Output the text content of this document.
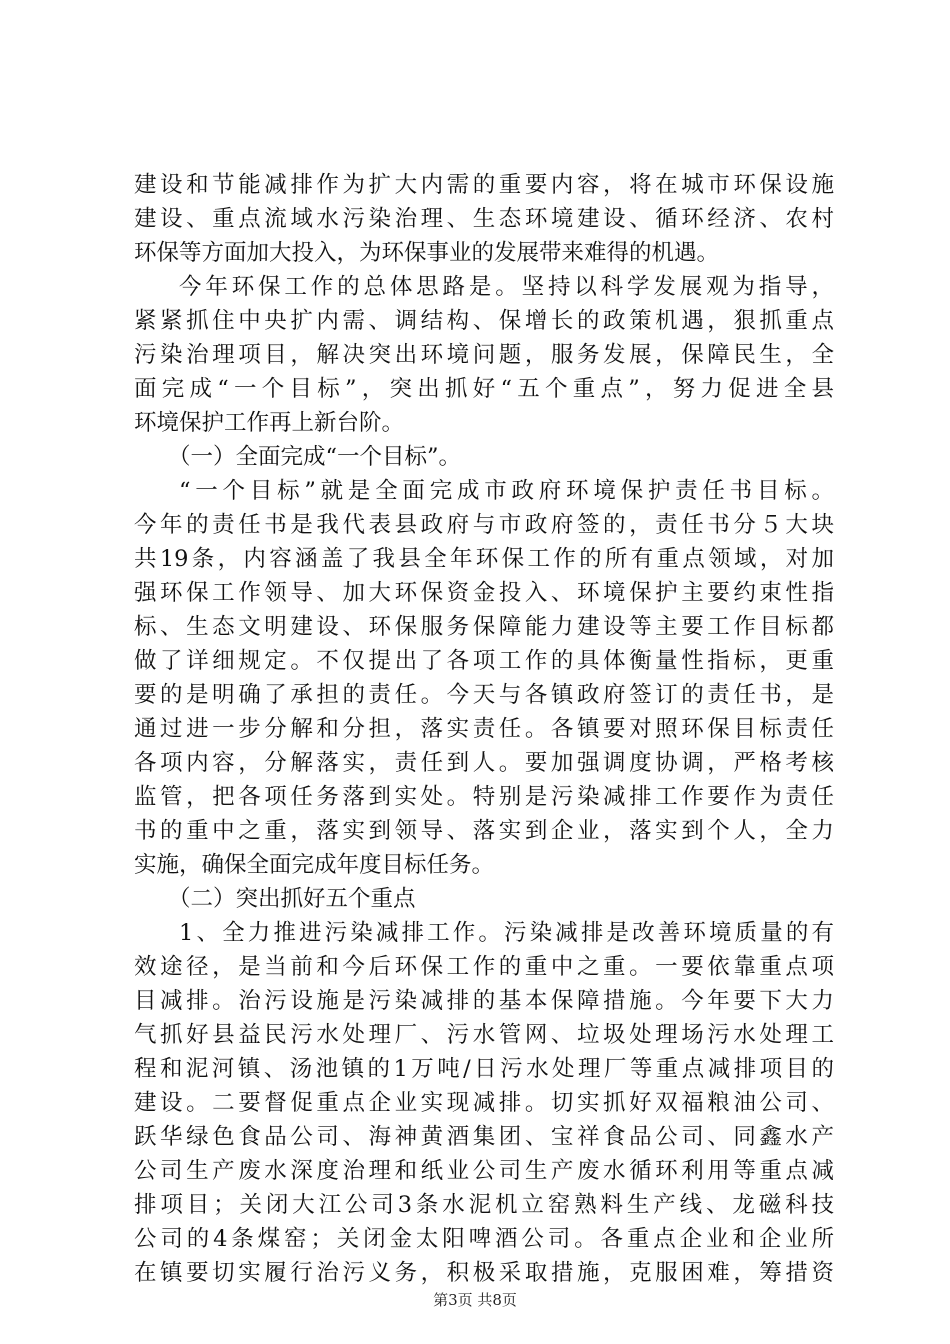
建设和节能减排作为扩大内需的重要内容，将在城市环保设施
建设、重点流域水污染治理、生态环境建设、循环经济、农村
环保等方面加大投入，为环保事业的发展带来难得的机遇。
今年环保工作的总体思路是。坚持以科学发展观为指导，
紧紧抓住中央扩内需、调结构、保增长的政策机遇，狠抓重点
污染治理项目，解决突出环境问题，服务发展，保障民生，全
面完成“一个目标”，突出抓好“五个重点”，努力促进全县
环境保护工作再上新台阶。
（一）全面完成“一个目标”。
“一个目标”就是全面完成市政府环境保护责任书目标。
今年的责任书是我代表县政府与市政府签的，责任书分５大块
共19条，内容涵盖了我县全年环保工作的所有重点领域，对加
强环保工作领导、加大环保资金投入、环境保护主要约束性指
标、生态文明建设、环保服务保障能力建设等主要工作目标都
做了详细规定。不仅提出了各项工作的具体衡量性指标，更重
要的是明确了承担的责任。今天与各镇政府签订的责任书，是
通过进一步分解和分担，落实责任。各镇要对照环保目标责任
各项内容，分解落实，责任到人。要加强调度协调，严格考核
监管，把各项任务落到实处。特别是污染减排工作要作为责任
书的重中之重，落实到领导、落实到企业，落实到个人，全力
实施，确保全面完成年度目标任务。
（二）突出抓好五个重点
1、全力推进污染减排工作。污染减排是改善环境质量的有
效途径，是当前和今后环保工作的重中之重。一要依靠重点项
目减排。治污设施是污染减排的基本保障措施。今年要下大力
气抓好县益民污水处理厂、污水管网、垃圾处理场污水处理工
程和泥河镇、汤池镇的1万吨/日污水处理厂等重点减排项目的
建设。二要督促重点企业实现减排。切实抓好双福粮油公司、
跃华绿色食品公司、海神黄酒集团、宝祥食品公司、同鑫水产
公司生产废水深度治理和纸业公司生产废水循环利用等重点减
排项目；关闭大江公司3条水泥机立窑熟料生产线、龙磁科技
公司的4条煤窑；关闭金太阳啤酒公司。各重点企业和企业所
在镇要切实履行治污义务，积极采取措施，克服困难，筹措资
第3页 共8页
